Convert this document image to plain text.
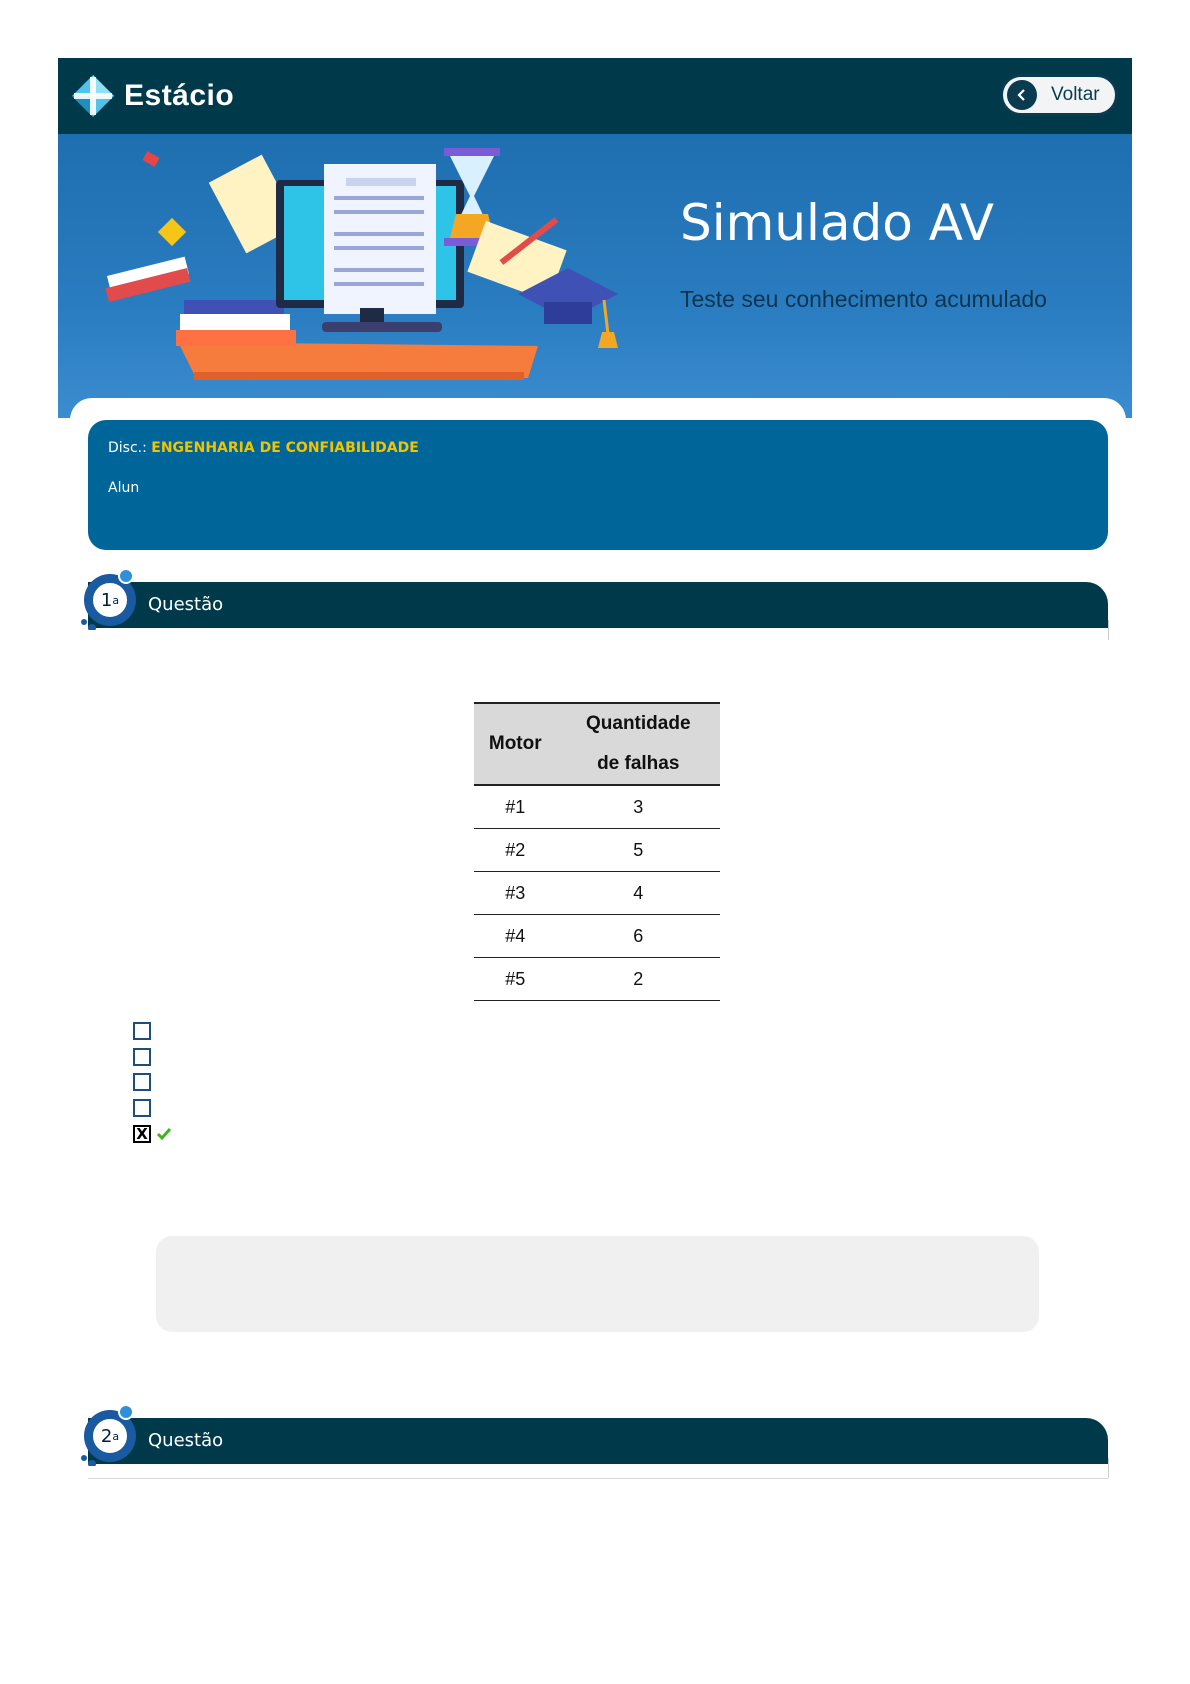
Estácio	Voltar
Simulado AV
Teste seu conhecimento acumulado
Disc.: ENGENHARIA DE CONFIABILIDADE
Alun
Questão
1 a
Motor	Quantidade
de falhas

#1	3
#2	5
#3	4
#4	6
#5	2
X
Questão
2 a
